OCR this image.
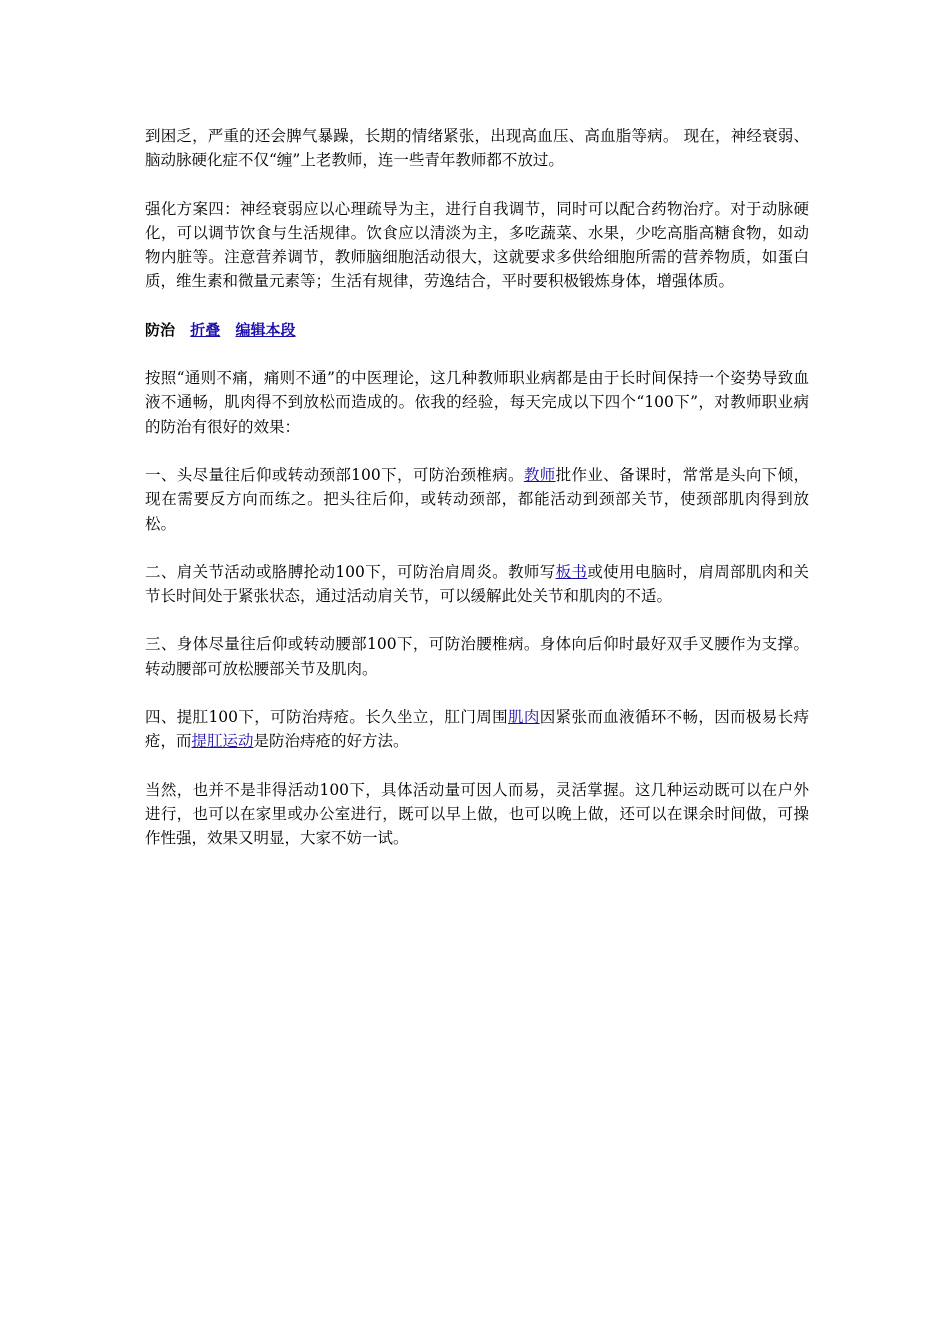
到困乏，严重的还会脾气暴躁，长期的情绪紧张，出现高血压、高血脂等病。 现在，神经衰弱、脑动脉硬化症不仅“缠”上老教师，连一些青年教师都不放过。

强化方案四：神经衰弱应以心理疏导为主，进行自我调节，同时可以配合药物治疗。对于动脉硬化，可以调节饮食与生活规律。饮食应以清淡为主，多吃蔬菜、水果，少吃高脂高糖食物，如动物内脏等。注意营养调节，教师脑细胞活动很大，这就要求多供给细胞所需的营养物质，如蛋白质，维生素和微量元素等；生活有规律，劳逸结合，平时要积极锻炼身体，增强体质。

防治 折叠 编辑本段

按照“通则不痛，痛则不通”的中医理论，这几种教师职业病都是由于长时间保持一个姿势导致血液不通畅，肌肉得不到放松而造成的。依我的经验，每天完成以下四个“100下”，对教师职业病的防治有很好的效果：

一、头尽量往后仰或转动颈部100下，可防治颈椎病。教师批作业、备课时，常常是头向下倾，现在需要反方向而练之。把头往后仰，或转动颈部，都能活动到颈部关节，使颈部肌肉得到放松。

二、肩关节活动或胳膊抡动100下，可防治肩周炎。教师写板书或使用电脑时，肩周部肌肉和关节长时间处于紧张状态，通过活动肩关节，可以缓解此处关节和肌肉的不适。

三、身体尽量往后仰或转动腰部100下，可防治腰椎病。身体向后仰时最好双手叉腰作为支撑。转动腰部可放松腰部关节及肌肉。

四、提肛100下，可防治痔疮。长久坐立，肛门周围肌肉因紧张而血液循环不畅，因而极易长痔疮，而提肛运动是防治痔疮的好方法。

当然，也并不是非得活动100下，具体活动量可因人而易，灵活掌握。这几种运动既可以在户外进行，也可以在家里或办公室进行，既可以早上做，也可以晚上做，还可以在课余时间做，可操作性强，效果又明显，大家不妨一试。
